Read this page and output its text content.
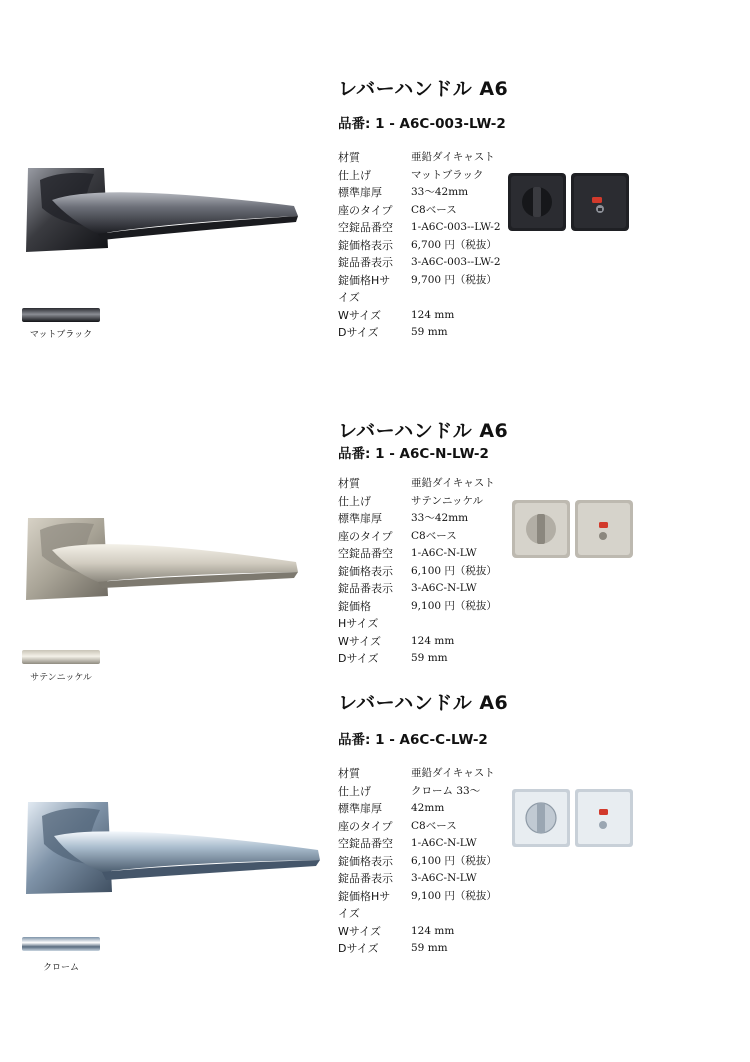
レバーハンドル A6
品番: 1 - A6C-003-LW-2
材質	亜鉛ダイキャスト
仕上げ	マットブラック
標準扉厚	33～42mm
座のタイプ	C8ベース
空錠品番空	1-A6C-003--LW-2
錠価格表示	6,700 円（税抜）
錠品番表示	3-A6C-003--LW-2
錠価格Hサ	9,700 円（税抜）
イズ
Wサイズ	124 mm
Dサイズ	59 mm
マットブラック
レバーハンドル A6
品番: 1 - A6C-N-LW-2
材質	亜鉛ダイキャスト
仕上げ	サテンニッケル
標準扉厚	33～42mm
座のタイプ	C8ベース
空錠品番空	1-A6C-N-LW
錠価格表示	6,100 円（税抜）
錠品番表示	3-A6C-N-LW
錠価格	9,100 円（税抜）
Hサイズ
Wサイズ	124 mm
Dサイズ	59 mm
サテンニッケル
レバーハンドル A6
品番: 1 - A6C-C-LW-2
材質	亜鉛ダイキャスト
仕上げ	クローム 33～
標準扉厚	42mm
座のタイプ	C8ベース
空錠品番空	1-A6C-N-LW
錠価格表示	6,100 円（税抜）
錠品番表示	3-A6C-N-LW
錠価格Hサ	9,100 円（税抜）
イズ
Wサイズ	124 mm
Dサイズ	59 mm
クローム
